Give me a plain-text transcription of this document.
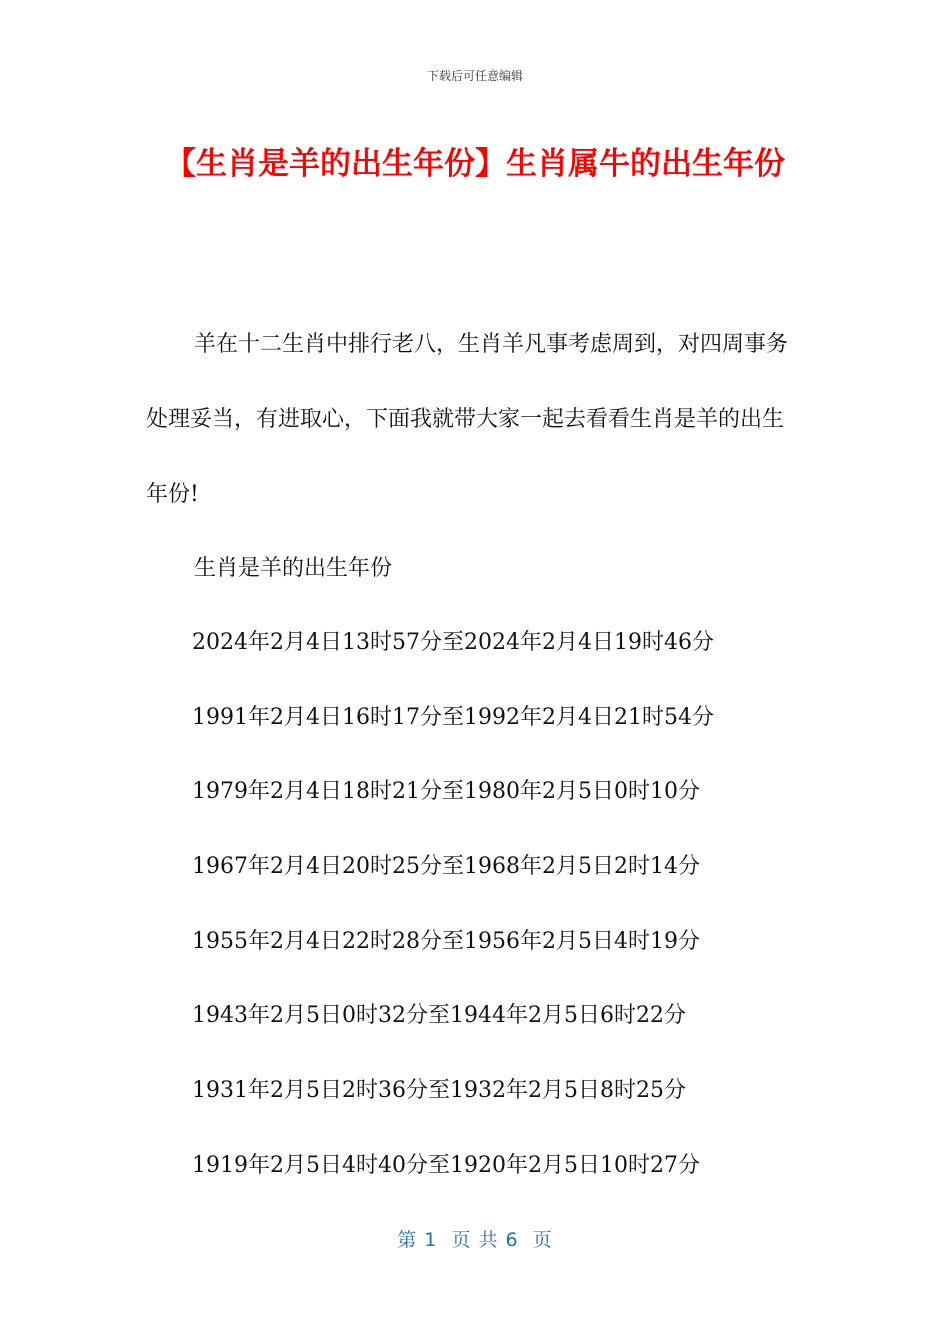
下载后可任意编辑
【生肖是羊的出生年份】生肖属牛的出生年份

羊在十二生肖中排行老八，生肖羊凡事考虑周到，对四周事务处理妥当，有进取心，下面我就带大家一起去看看生肖是羊的出生年份!

生肖是羊的出生年份

2024年2月4日13时57分至2024年2月4日19时46分
1991年2月4日16时17分至1992年2月4日21时54分
1979年2月4日18时21分至1980年2月5日0时10分
1967年2月4日20时25分至1968年2月5日2时14分
1955年2月4日22时28分至1956年2月5日4时19分
1943年2月5日0时32分至1944年2月5日6时22分
1931年2月5日2时36分至1932年2月5日8时25分
1919年2月5日4时40分至1920年2月5日10时27分
第 1  页 共 6  页
